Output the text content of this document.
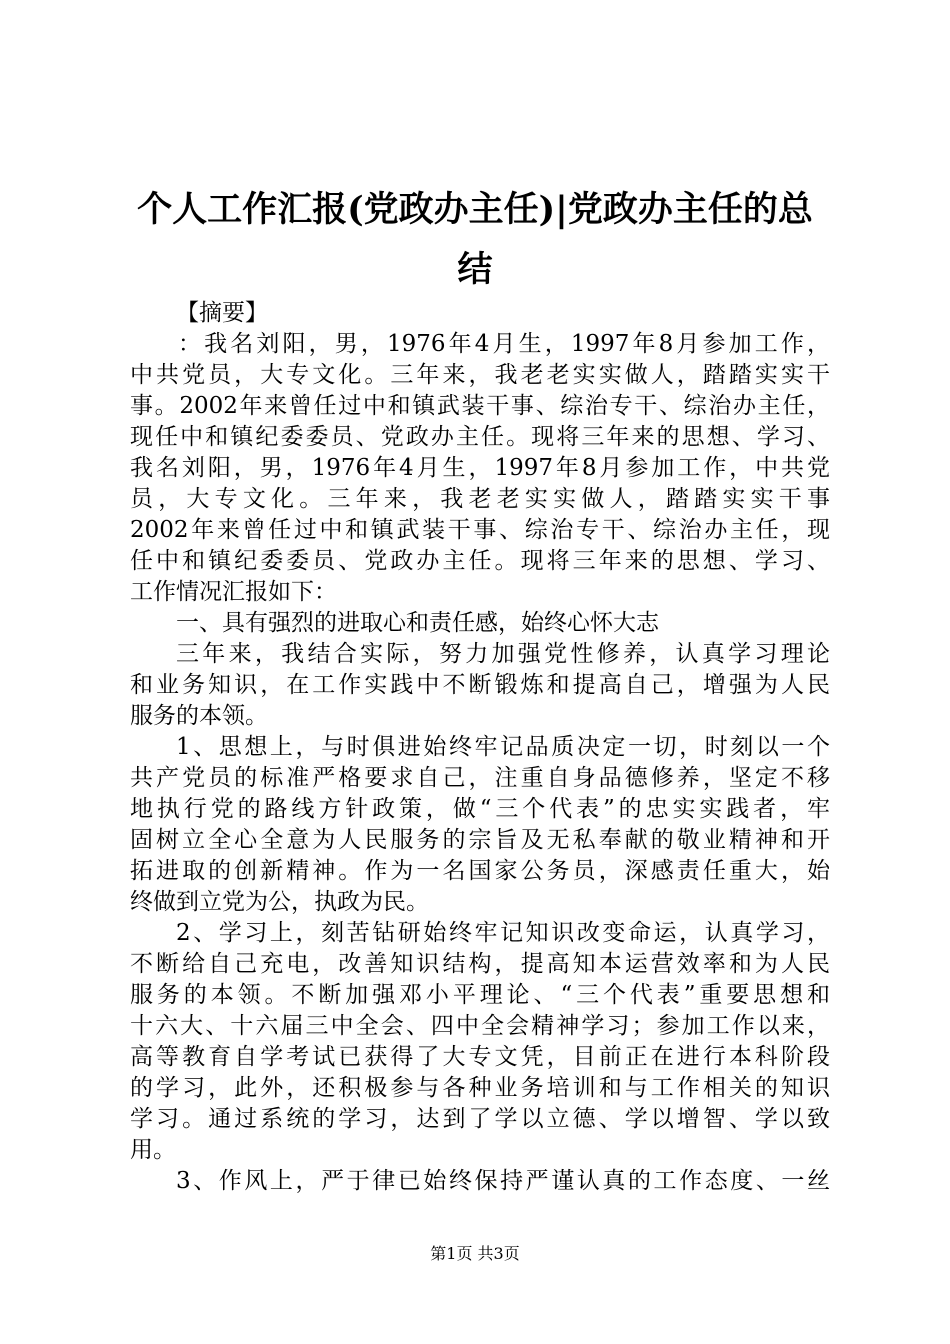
个人工作汇报(党政办主任)|党政办主任的总
结
【摘要】
：我名刘阳，男，1976年4月生，1997年8月参加工作，
中共党员，大专文化。三年来，我老老实实做人，踏踏实实干
事。2002年来曾任过中和镇武装干事、综治专干、综治办主任，
现任中和镇纪委委员、党政办主任。现将三年来的思想、学习、
我名刘阳，男，1976年4月生，1997年8月参加工作，中共党
员，大专文化。三年来，我老老实实做人，踏踏实实干事
2002年来曾任过中和镇武装干事、综治专干、综治办主任，现
任中和镇纪委委员、党政办主任。现将三年来的思想、学习、
工作情况汇报如下：
一、具有强烈的进取心和责任感，始终心怀大志
三年来，我结合实际，努力加强党性修养，认真学习理论
和业务知识，在工作实践中不断锻炼和提高自己，增强为人民
服务的本领。
1、思想上，与时俱进始终牢记品质决定一切，时刻以一个
共产党员的标准严格要求自己，注重自身品德修养，坚定不移
地执行党的路线方针政策，做“三个代表”的忠实实践者，牢
固树立全心全意为人民服务的宗旨及无私奉献的敬业精神和开
拓进取的创新精神。作为一名国家公务员，深感责任重大，始
终做到立党为公，执政为民。
2、学习上，刻苦钻研始终牢记知识改变命运，认真学习，
不断给自己充电，改善知识结构，提高知本运营效率和为人民
服务的本领。不断加强邓小平理论、“三个代表”重要思想和
十六大、十六届三中全会、四中全会精神学习；参加工作以来，
高等教育自学考试已获得了大专文凭，目前正在进行本科阶段
的学习，此外，还积极参与各种业务培训和与工作相关的知识
学习。通过系统的学习，达到了学以立德、学以增智、学以致
用。
3、作风上，严于律已始终保持严谨认真的工作态度、一丝
第1页 共3页
